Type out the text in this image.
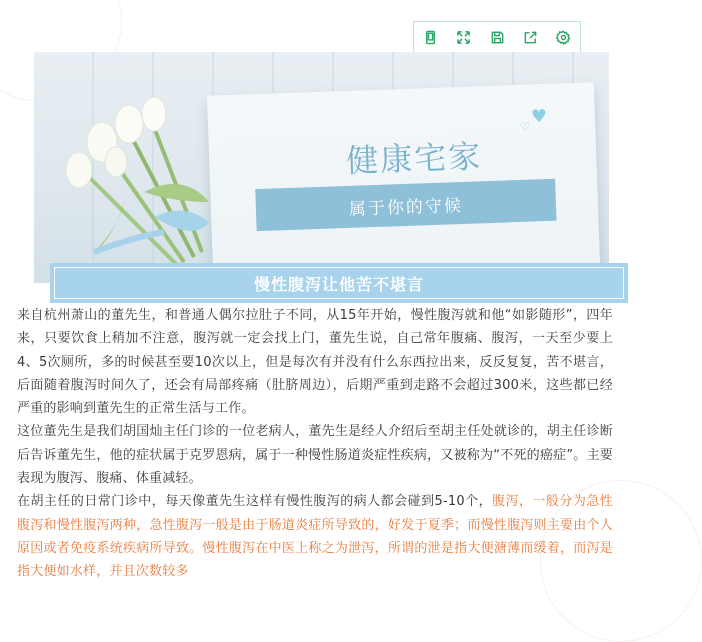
健康宅家
属于你的守候
♥
♡
慢性腹泻让他苦不堪言

来自杭州萧山的董先生，和普通人偶尔拉肚子不同，从15年开始，慢性腹泻就和他“如影随形”，四年来，只要饮食上稍加不注意，腹泻就一定会找上门，董先生说，自己常年腹痛、腹泻，一天至少要上4、5次厕所，多的时候甚至要10次以上，但是每次有并没有什么东西拉出来，反反复复，苦不堪言，后面随着腹泻时间久了，还会有局部疼痛（肚脐周边），后期严重到走路不会超过300米，这些都已经严重的影响到董先生的正常生活与工作。

这位董先生是我们胡国灿主任门诊的一位老病人，董先生是经人介绍后至胡主任处就诊的，胡主任诊断后告诉董先生，他的症状属于克罗恩病，属于一种慢性肠道炎症性疾病，又被称为“不死的癌症”。主要表现为腹泻、腹痛、体重减轻。

在胡主任的日常门诊中，每天像董先生这样有慢性腹泻的病人都会碰到5-10个，腹泻，一般分为急性腹泻和慢性腹泻两种，急性腹泻一般是由于肠道炎症所导致的，好发于夏季；而慢性腹泻则主要由个人原因或者免疫系统疾病所导致。慢性腹泻在中医上称之为泄泻，所谓的泄是指大便溏薄而缓着，而泻是指大便如水样，并且次数较多
